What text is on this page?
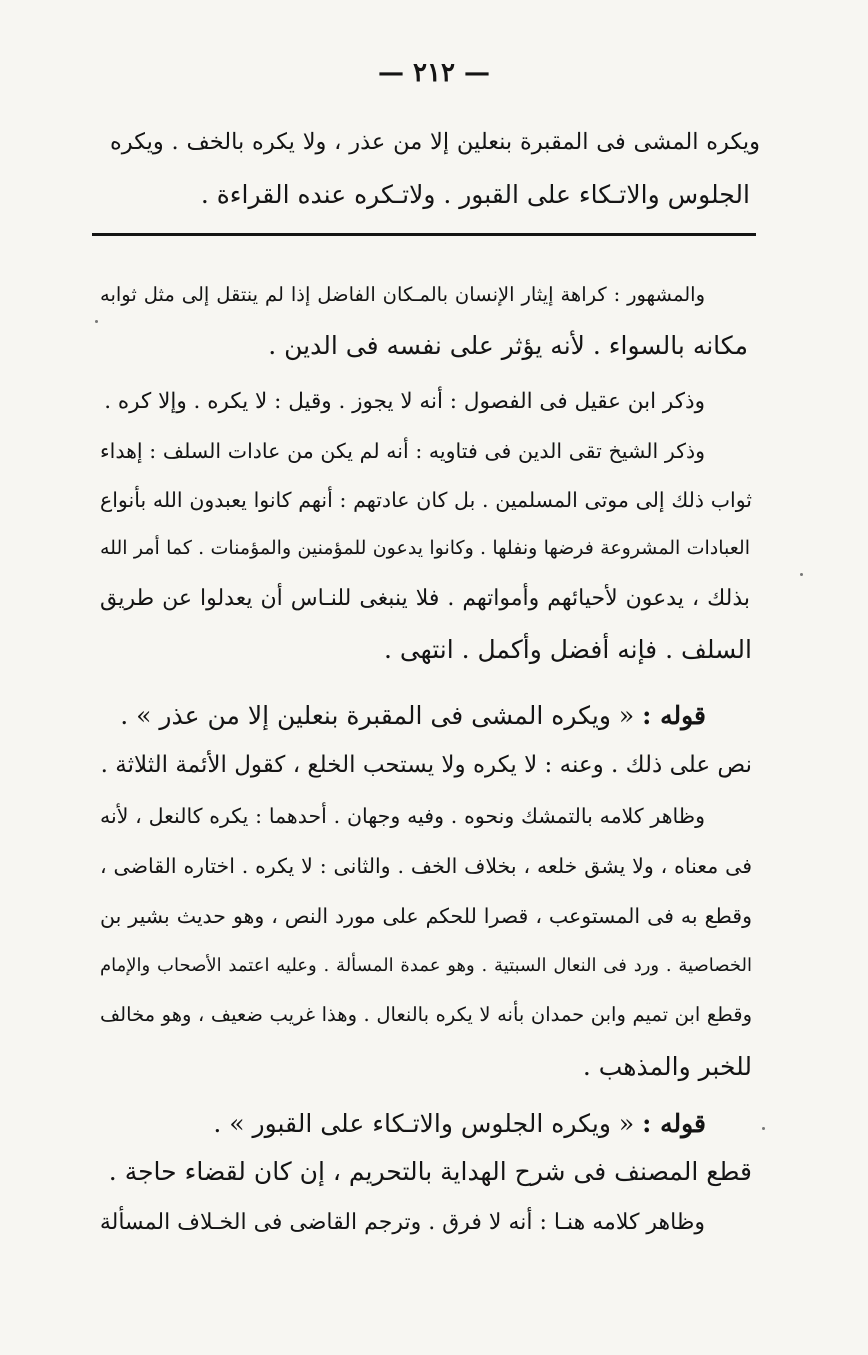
— ٢١٢ —
ويكره المشى فى المقبرة بنعلين إلا من عذر ، ولا يكره بالخف . ويكره
الجلوس والاتـكاء على القبور . ولاتـكره عنده القراءة .
والمشهور : كراهة إيثار الإنسان بالمـكان الفاضل إذا لم ينتقل إلى مثل ثوابه
مكانه بالسواء . لأنه يؤثر على نفسه فى الدين .
وذكر ابن عقيل فى الفصول : أنه لا يجوز . وقيل : لا يكره . وإلا كره .
وذكر الشيخ تقى الدين فى فتاويه : أنه لم يكن من عادات السلف : إهداء
ثواب ذلك إلى موتى المسلمين . بل كان عادتهم : أنهم كانوا يعبدون الله بأنواع
العبادات المشروعة فرضها ونفلها . وكانوا يدعون للمؤمنين والمؤمنات . كما أمر الله
بذلك ، يدعون لأحيائهم وأمواتهم . فلا ينبغى للنـاس أن يعدلوا عن طريق
السلف . فإنه أفضل وأكمل . انتهى .
قوله : « ويكره المشى فى المقبرة بنعلين إلا من عذر » .
نص على ذلك . وعنه : لا يكره ولا يستحب الخلع ، كقول الأئمة الثلاثة .
وظاهر كلامه بالتمشك ونحوه . وفيه وجهان . أحدهما : يكره كالنعل ، لأنه
فى معناه ، ولا يشق خلعه ، بخلاف الخف . والثانى : لا يكره . اختاره القاضى ،
وقطع به فى المستوعب ، قصرا للحكم على مورد النص ، وهو حديث بشير بن
الخصاصية . ورد فى النعال السبتية . وهو عمدة المسألة . وعليه اعتمد الأصحاب والإمام
وقطع ابن تميم وابن حمدان بأنه لا يكره بالنعال . وهذا غريب ضعيف ، وهو مخالف
للخبر والمذهب .
قوله : « ويكره الجلوس والاتـكاء على القبور » .
قطع المصنف فى شرح الهداية بالتحريم ، إن كان لقضاء حاجة .
وظاهر كلامه هنـا : أنه لا فرق . وترجم القاضى فى الخـلاف المسألة
